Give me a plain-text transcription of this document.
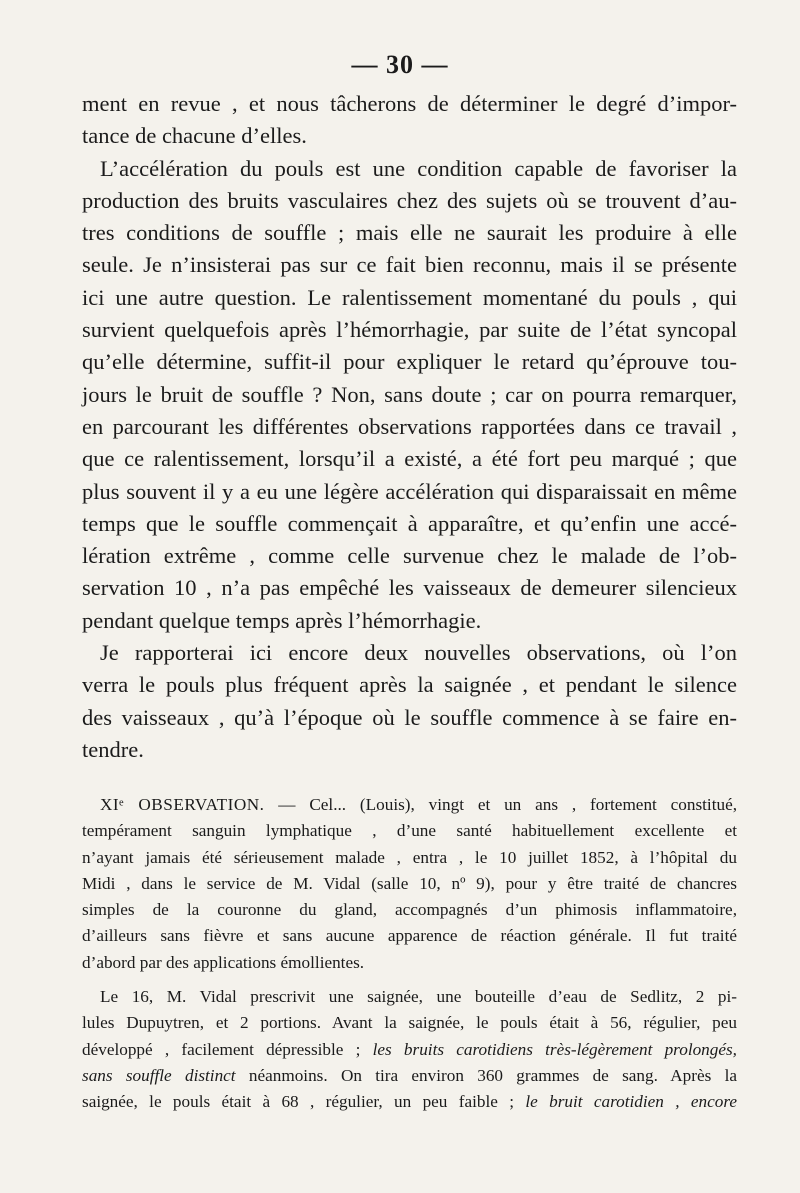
— 30 —
ment en revue , et nous tâcherons de déterminer le degré d’impor-
tance de chacune d’elles.
L’accélération du pouls est une condition capable de favoriser la
production des bruits vasculaires chez des sujets où se trouvent d’au-
tres conditions de souffle ; mais elle ne saurait les produire à elle
seule. Je n’insisterai pas sur ce fait bien reconnu, mais il se présente
ici une autre question. Le ralentissement momentané du pouls , qui
survient quelquefois après l’hémorrhagie, par suite de l’état syncopal
qu’elle détermine, suffit-il pour expliquer le retard qu’éprouve tou-
jours le bruit de souffle ? Non, sans doute ; car on pourra remarquer,
en parcourant les différentes observations rapportées dans ce travail ,
que ce ralentissement, lorsqu’il a existé, a été fort peu marqué ; que
plus souvent il y a eu une légère accélération qui disparaissait en même
temps que le souffle commençait à apparaître, et qu’enfin une accé-
lération extrême , comme celle survenue chez le malade de l’ob-
servation 10 , n’a pas empêché les vaisseaux de demeurer silencieux
pendant quelque temps après l’hémorrhagie.
Je rapporterai ici encore deux nouvelles observations, où l’on
verra le pouls plus fréquent après la saignée , et pendant le silence
des vaisseaux , qu’à l’époque où le souffle commence à se faire en-
tendre.
XIᵉ OBSERVATION. — Cel... (Louis), vingt et un ans , fortement constitué,
tempérament sanguin lymphatique , d’une santé habituellement excellente et
n’ayant jamais été sérieusement malade , entra , le 10 juillet 1852, à l’hôpital du
Midi , dans le service de M. Vidal (salle 10, nº 9), pour y être traité de chancres
simples de la couronne du gland, accompagnés d’un phimosis inflammatoire,
d’ailleurs sans fièvre et sans aucune apparence de réaction générale. Il fut traité
d’abord par des applications émollientes.
Le 16, M. Vidal prescrivit une saignée, une bouteille d’eau de Sedlitz, 2 pi-
lules Dupuytren, et 2 portions. Avant la saignée, le pouls était à 56, régulier, peu
développé , facilement dépressible ; les bruits carotidiens très-légèrement prolongés,
sans souffle distinct néanmoins. On tira environ 360 grammes de sang. Après la
saignée, le pouls était à 68 , régulier, un peu faible ; le bruit carotidien , encore
